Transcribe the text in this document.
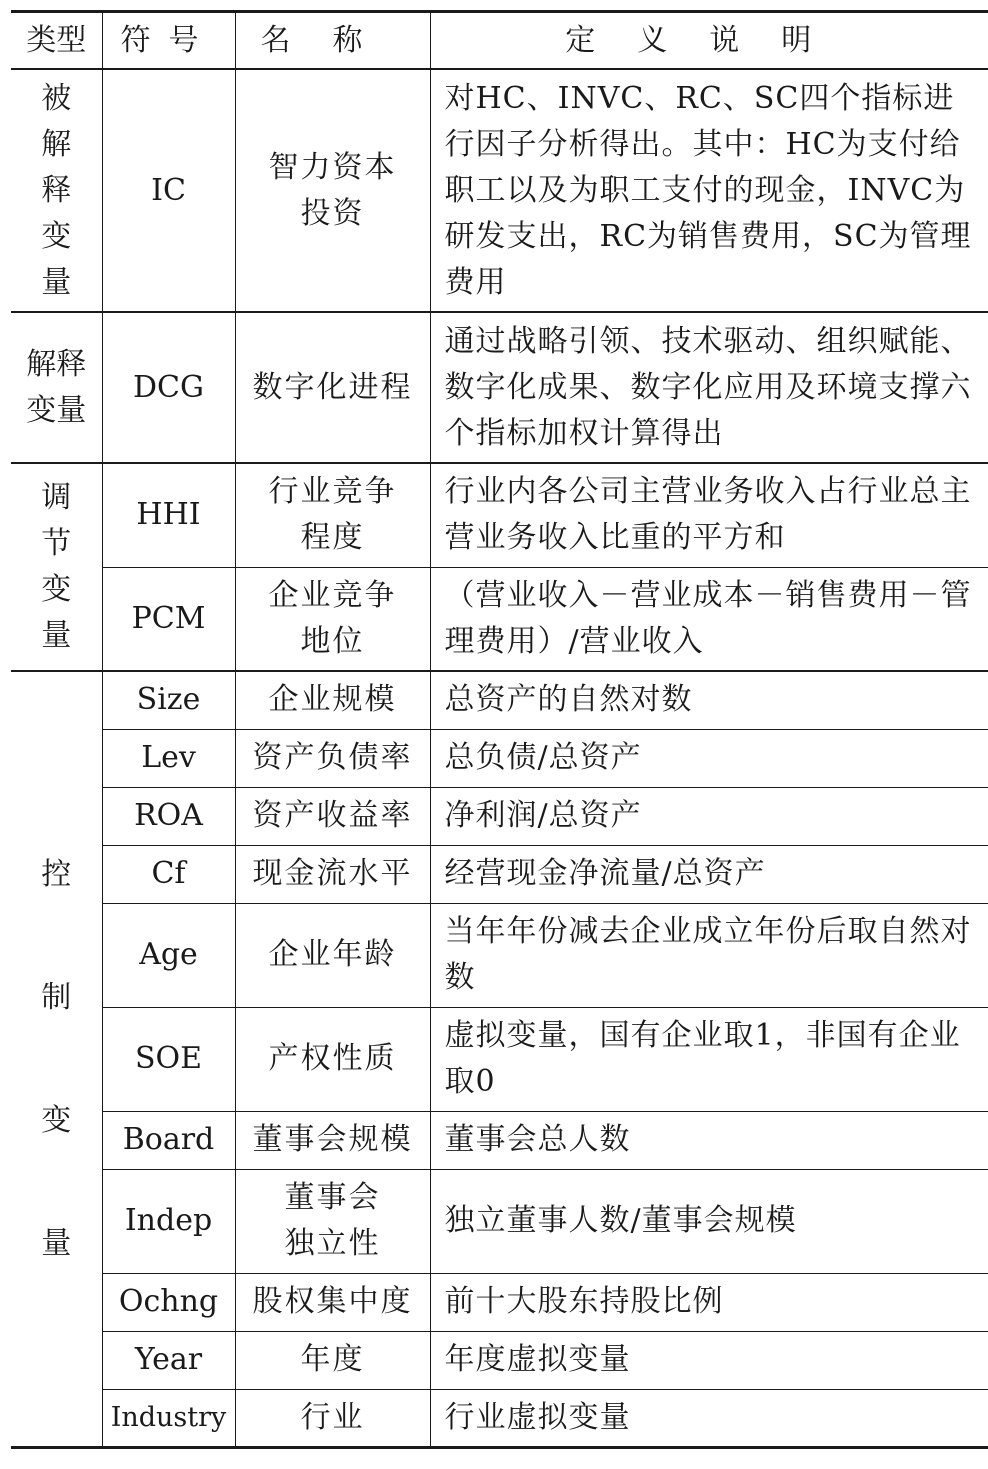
类型	符号	名称	定义说明
被解释变量	IC	智力资本投资	对HC、INVC、RC、SC四个指标进行因子分析得出。其中：HC为支付给职工以及为职工支付的现金，INVC为研发支出，RC为销售费用，SC为管理费用
解释变量	DCG	数字化进程	通过战略引领、技术驱动、组织赋能、数字化成果、数字化应用及环境支撑六个指标加权计算得出
调节变量	HHI	行业竞争程度	行业内各公司主营业务收入占行业总主营业务收入比重的平方和
	PCM	企业竞争地位	（营业收入－营业成本－销售费用－管理费用）/营业收入
控制变量	Size	企业规模	总资产的自然对数
	Lev	资产负债率	总负债/总资产
	ROA	资产收益率	净利润/总资产
	Cf	现金流水平	经营现金净流量/总资产
	Age	企业年龄	当年年份减去企业成立年份后取自然对数
	SOE	产权性质	虚拟变量，国有企业取1，非国有企业取0
	Board	董事会规模	董事会总人数
	Indep	董事会独立性	独立董事人数/董事会规模
	Ochng	股权集中度	前十大股东持股比例
	Year	年度	年度虚拟变量
	Industry	行业	行业虚拟变量
